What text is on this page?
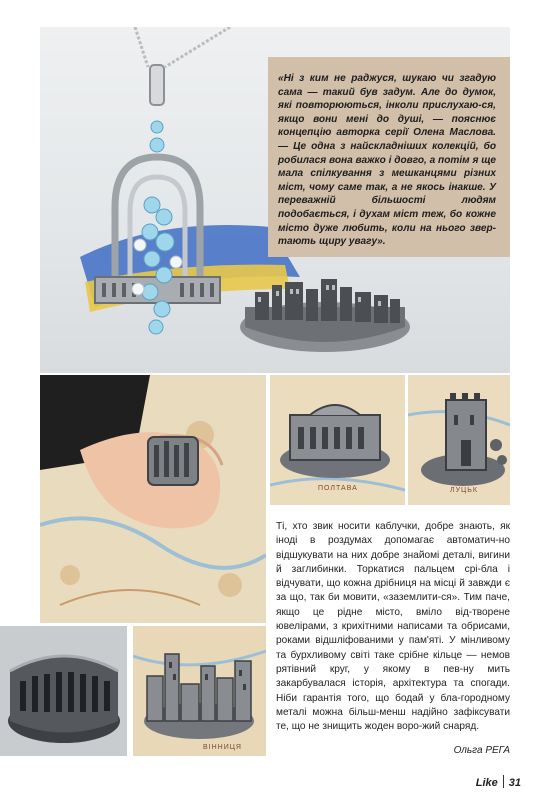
«Ні з ким не раджуся, шукаю чи згадую сама — такий був задум. Але до думок, які повторюються, інколи прислухаю-ся, якщо вони мені до душі, — пояснює концепцію авторка серії Олена Маслова. — Це одна з найскладніших колекцій, бо робилася вона важко і довго, а потім я ще мала спілкування з мешканцями різних міст, чому саме так, а не якось інакше. У переважній більшості людям подобається, і духам міст теж, бо кожне місто дуже любить, коли на нього звер-тають щиру увагу».

ПОЛТАВА	ЛУЦЬК
ВІННИЦЯ

Ті, хто звик носити каблучки, добре знають, як іноді в роздумах допомагає автоматич-но відшукувати на них добре знайомі деталі, вигини й заглибинки. Торкатися пальцем срі-бла і відчувати, що кожна дрібниця на місці й завжди є за що, так би мовити, «заземлити-ся». Тим паче, якщо це рідне місто, вміло від-творене ювелірами, з крихітними написами та обрисами, роками відшліфованими у пам'яті. У мінливому та бурхливому світі таке срібне кільце — немов рятівний круг, у якому в пев-ну мить закарбувалася історія, архітектура та спогади. Ніби гарантія того, що бодай у бла-городному металі можна більш-менш надійно зафіксувати те, що не знищить жоден воро-жий снаряд.

Ольга РЕГА
Like 31
